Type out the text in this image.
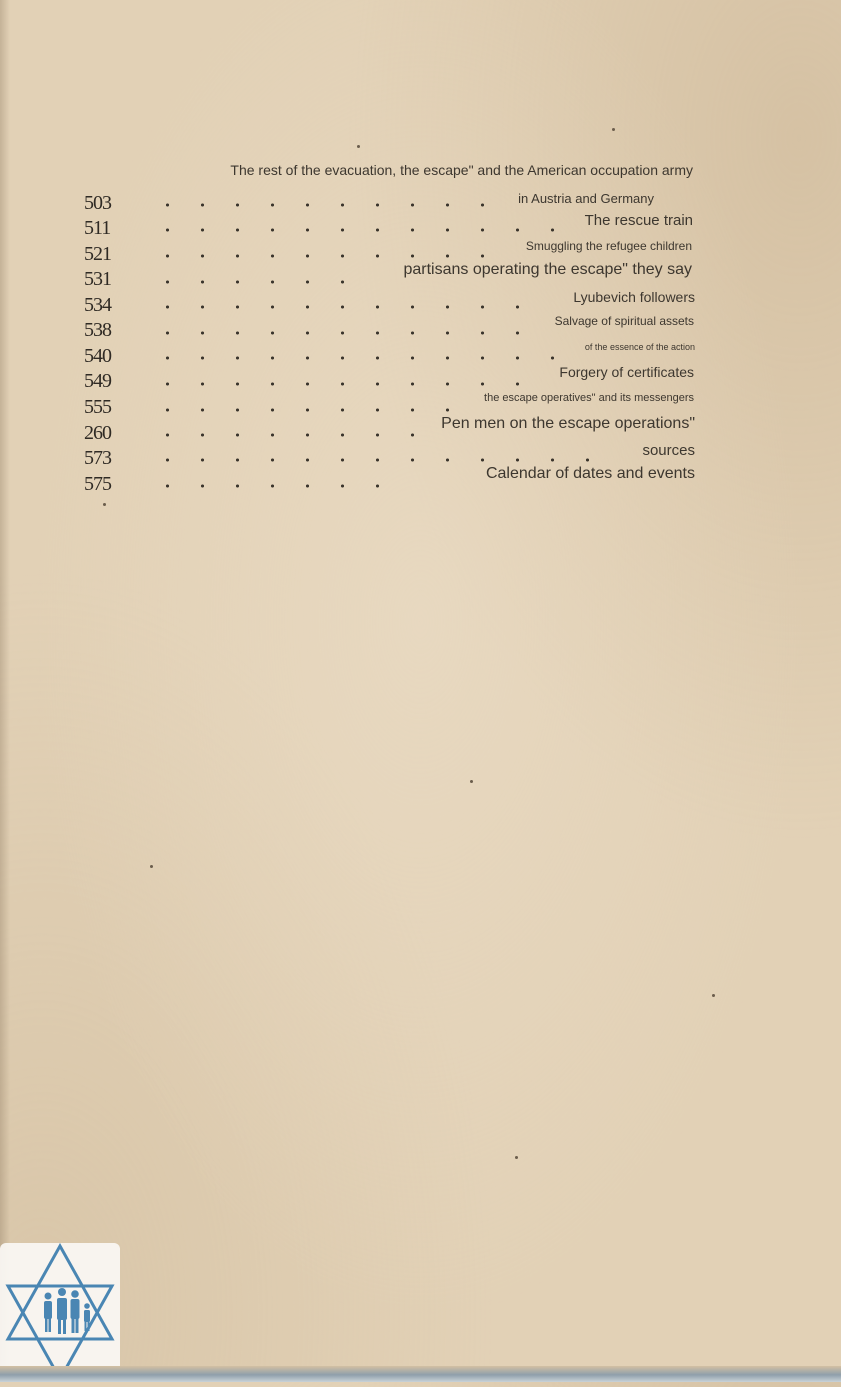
The rest of the evacuation, the escape" and the American occupation army
503	in Austria and Germany
511	The rescue train
521	Smuggling the refugee children
531	partisans operating the escape" they say
534	Lyubevich followers
538	Salvage of spiritual assets
540	of the essence of the action
549	Forgery of certificates
555	the escape operatives" and its messengers
260	Pen men on the escape operations"
573	sources
575	Calendar of dates and events
